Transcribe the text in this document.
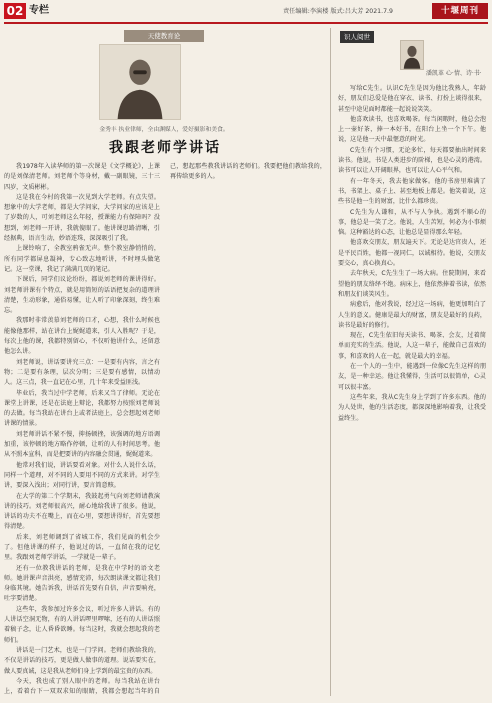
02 专栏	责任编辑:李演楼 版式:吕大芳 2021.7.9	十堰周刊
天使教育论
金秀丰 执业律师，全由渊媒人，爱好摄影和美食。
我跟老师学讲话

我1978年入读华师的第一次课是《文学概论》，上课的是刘保清老师。刘老师个等身材，戴一副眼镜，三十三四岁，文质彬彬。

这是我在今村的我第一次见到大学老师。有点失望。想象中的大学老师，都是大学问家，大学问家的应该是上了岁数的人，可刘老师这么年轻，授课能力有保障吗？没想到，刘老师一开讲，我就傻眼了。他讲课思路清晰，引经据典，语言生动，妙语连珠，深深吸引了我。

上课铃响了，全教室鸦雀无声。整个教室静悄悄的，所有同学都屏息凝神，专心致志地听讲，不时埋头做笔记。这一堂课，我记了满满几页的笔记。

下课后，同学们议论纷纷，都说刘老师的课讲得好。刘老师讲课有个特点，就是用简短的话语把复杂的道理讲清楚，生动形象，通俗易懂，让人听了印象深刻，终生难忘。

我那时非常羡慕刘老师的口才，心想，我什么时候也能像他那样，站在讲台上娓娓道来，引人入胜呢？于是，每次上他的课，我都特别留心，不仅听他讲什么，还留意他怎么讲。

刘老师说，讲话要讲究三点：一是要有内容，言之有物；二是要有条理，层次分明；三是要有感情，以情动人。这三点，我一直记在心里，几十年来受益匪浅。

毕业后，我当过中学老师，后来又当了律师。无论在课堂上讲课，还是在法庭上辩论，我都努力按照刘老师说的去做。每当我站在讲台上或者法庭上，总会想起刘老师讲课的情景。

刘老师讲话不紧不慢，抑扬顿挫，该强调的地方语调加重，该停顿的地方略作停顿，让听的人有时间思考。他从不照本宣科，而是把要讲的内容融会贯通，娓娓道来。

他常对我们说，讲话要看对象。对什么人说什么话，同样一个道理，对不同的人要用不同的方式来讲。对学生讲，要深入浅出；对同行讲，要言简意赅。

在大学的第二个学期末，我鼓起勇气向刘老师请教演讲的技巧。刘老师很高兴，耐心地给我讲了很多。他说，讲话的功夫不在嘴上，而在心里，要想讲得好，首先要想得清楚。

后来，刘老师调到了省城工作，我们见面的机会少了。但他讲课的样子，他说过的话，一直留在我的记忆里。我跟刘老师学讲话，一学就是一辈子。

还有一位教我讲话的老师，是我在中学时的语文老师。她讲课声音洪亮，感情充沛，每次朗读课文都让我们身临其境。她告诉我，讲话首先要有自信，声音要响亮，吐字要清楚。

这些年，我参加过许多会议，听过许多人讲话。有的人讲话空洞无物，有的人讲话啰里啰嗦，还有的人讲话照着稿子念，让人昏昏欲睡。每当这时，我就会想起我的老师们。

讲话是一门艺术，也是一门学问。老师们教给我的，不仅是讲话的技巧，更是做人做事的道理。说话要实在，做人要真诚，这是我从老师们身上学到的最宝贵的东西。

今天，我也成了别人眼中的老师。每当我站在讲台上，看着台下一双双求知的眼睛，我都会想起当年的自己，想起那些教我讲话的老师们。我要把他们教给我的，再传给更多的人。

识人阅世
潘凯革 心·情、诗·书·

写给C先生。认识C先生是因为他比我熟人，年龄好，朋友们总爱是他在穿衣、读书、打扮上谈得很来，甚至中途见面时都能一起说说笑笑。

他喜欢读书，也喜欢喝茶。每当闲暇时，他总会泡上一壶好茶，捧一本好书，在阳台上坐一个下午。他说，这是他一天中最惬意的时光。

C先生有个习惯，无论多忙，每天都要抽出时间来读书。他说，书是人类进步的阶梯，也是心灵的港湾。读书可以让人开阔眼界，也可以让人心平气和。

有一年冬天，我去他家做客。他的书房里堆满了书，书架上、桌子上、甚至地板上都是。他笑着说，这些书是他一生的财富，比什么都珍贵。

C先生为人谦和，从不与人争执。遇到不顺心的事，他总是一笑了之。他说，人生苦短，何必为小事烦恼。这种豁达的心态，让他总是显得那么年轻。

他喜欢交朋友，朋友遍天下。无论是达官贵人，还是平民百姓，他都一视同仁，以诚相待。他说，交朋友要交心，真心换真心。

去年秋天，C先生生了一场大病。住院期间，来看望他的朋友络绎不绝。病床上，他依然捧着书读，依然和朋友们谈笑风生。

病愈后，他对我说，经过这一场病，他更加明白了人生的意义。健康是最大的财富，朋友是最好的良药，读书是最好的修行。

现在，C先生依旧每天读书、喝茶、会友，过着简单而充实的生活。他说，人这一辈子，能做自己喜欢的事，和喜欢的人在一起，就是最大的幸福。

在一个人的一生中，能遇到一位像C先生这样的朋友，是一种幸运。他让我懂得，生活可以很简单，心灵可以很丰富。

这些年来，我从C先生身上学到了许多东西。他的为人处世，他的生活态度，都深深地影响着我，让我受益终生。
